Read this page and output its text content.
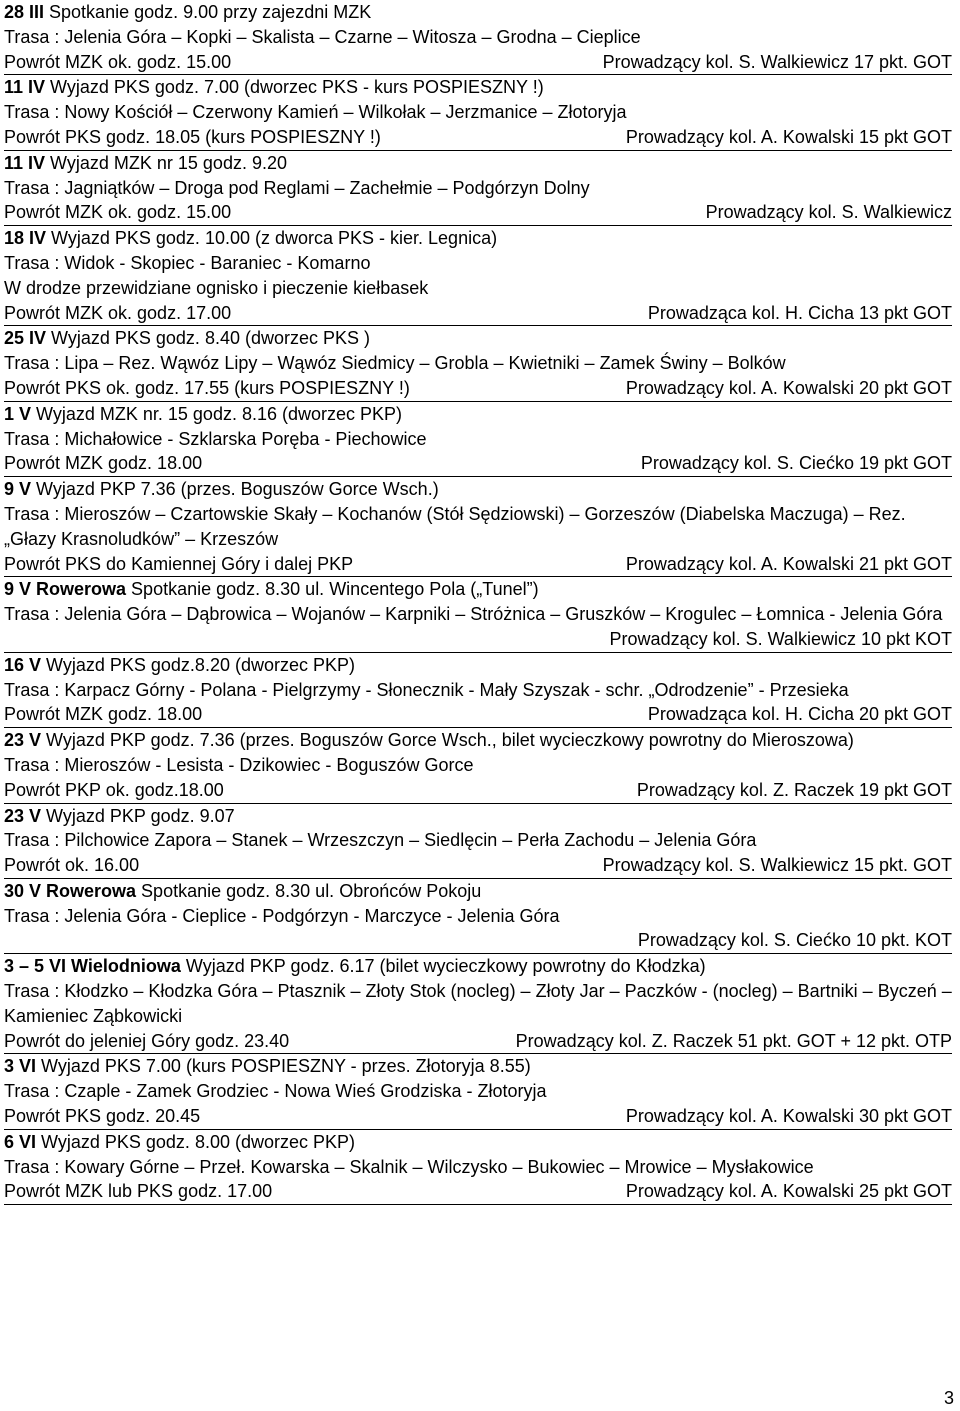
28 III Spotkanie godz. 9.00 przy zajezdni MZK
Trasa : Jelenia Góra – Kopki – Skalista – Czarne – Witosza – Grodna – Cieplice
Powrót MZK ok. godz. 15.00	Prowadzący kol. S. Walkiewicz 17 pkt. GOT
11 IV Wyjazd PKS godz. 7.00 (dworzec PKS - kurs POSPIESZNY !)
Trasa : Nowy Kościół – Czerwony Kamień – Wilkołak – Jerzmanice – Złotoryja
Powrót PKS godz. 18.05 (kurs POSPIESZNY !)	Prowadzący kol. A. Kowalski 15 pkt GOT
11 IV Wyjazd MZK nr 15 godz. 9.20
Trasa : Jagniątków – Droga pod Reglami – Zachełmie – Podgórzyn Dolny
Powrót MZK ok. godz. 15.00	Prowadzący kol. S. Walkiewicz
18 IV Wyjazd PKS godz. 10.00 (z dworca PKS - kier. Legnica)
Trasa : Widok - Skopiec - Baraniec - Komarno
W drodze przewidziane ognisko i pieczenie kiełbasek
Powrót MZK ok. godz. 17.00	Prowadząca kol. H. Cicha 13 pkt GOT
25 IV Wyjazd PKS godz. 8.40 (dworzec PKS )
Trasa : Lipa – Rez. Wąwóz Lipy – Wąwóz Siedmicy – Grobla – Kwietniki – Zamek Świny – Bolków
Powrót PKS ok. godz. 17.55 (kurs POSPIESZNY !)	Prowadzący kol. A. Kowalski 20 pkt GOT
1 V Wyjazd MZK nr. 15 godz. 8.16 (dworzec PKP)
Trasa : Michałowice - Szklarska Poręba - Piechowice
Powrót MZK godz. 18.00	Prowadzący kol. S. Ciećko 19 pkt GOT
9 V Wyjazd PKP 7.36 (przes. Boguszów Gorce Wsch.)
Trasa : Mieroszów – Czartowskie Skały – Kochanów (Stół Sędziowski) – Gorzeszów (Diabelska Maczuga) – Rez. „Głazy Krasnoludków” – Krzeszów
Powrót PKS do Kamiennej Góry i dalej PKP	Prowadzący kol. A. Kowalski 21 pkt GOT
9 V Rowerowa Spotkanie godz. 8.30 ul. Wincentego Pola („Tunel”)
Trasa : Jelenia Góra – Dąbrowica – Wojanów – Karpniki – Stróżnica – Gruszków – Krogulec – Łomnica - Jelenia Góra
Prowadzący kol. S. Walkiewicz 10 pkt KOT
16 V Wyjazd PKS godz.8.20 (dworzec PKP)
Trasa : Karpacz Górny - Polana - Pielgrzymy - Słonecznik - Mały Szyszak - schr. „Odrodzenie” - Przesieka
Powrót MZK godz. 18.00	Prowadząca kol. H. Cicha 20 pkt GOT
23 V Wyjazd PKP godz. 7.36 (przes. Boguszów Gorce Wsch., bilet wycieczkowy powrotny do Mieroszowa)
Trasa : Mieroszów - Lesista - Dzikowiec - Boguszów Gorce
Powrót PKP ok. godz.18.00	Prowadzący kol. Z. Raczek 19 pkt GOT
23 V Wyjazd PKP godz. 9.07
Trasa : Pilchowice Zapora – Stanek – Wrzeszczyn – Siedlęcin – Perła Zachodu – Jelenia Góra
Powrót ok. 16.00	Prowadzący kol. S. Walkiewicz 15 pkt. GOT
30 V Rowerowa Spotkanie godz. 8.30 ul. Obrońców Pokoju
Trasa : Jelenia Góra - Cieplice - Podgórzyn - Marczyce - Jelenia Góra
Prowadzący kol. S. Ciećko 10 pkt. KOT
3 – 5 VI Wielodniowa Wyjazd PKP godz. 6.17 (bilet wycieczkowy powrotny do Kłodzka)
Trasa : Kłodzko – Kłodzka Góra – Ptasznik – Złoty Stok (nocleg) – Złoty Jar – Paczków - (nocleg) – Bartniki – Byczeń – Kamieniec Ząbkowicki
Powrót do jeleniej Góry godz. 23.40	Prowadzący kol. Z. Raczek 51 pkt. GOT + 12 pkt. OTP
3 VI Wyjazd PKS 7.00 (kurs POSPIESZNY - przes. Złotoryja 8.55)
Trasa : Czaple - Zamek Grodziec - Nowa Wieś Grodziska - Złotoryja
Powrót PKS godz. 20.45	Prowadzący kol. A. Kowalski 30 pkt GOT
6 VI Wyjazd PKS godz. 8.00 (dworzec PKP)
Trasa : Kowary Górne – Przeł. Kowarska – Skalnik – Wilczysko – Bukowiec – Mrowice – Mysłakowice
Powrót MZK lub PKS godz. 17.00	Prowadzący kol. A. Kowalski 25 pkt GOT
3
